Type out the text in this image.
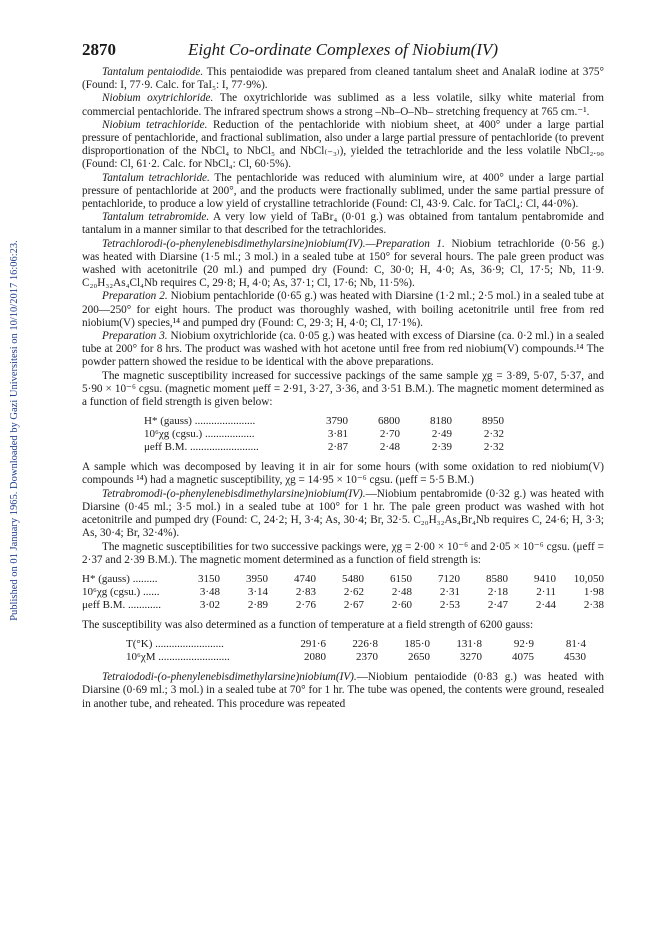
Published on 01 January 1965. Downloaded by Gazi Universitesi on 10/10/2017 16:06:23.
2870	Eight Co-ordinate Complexes of Niobium(IV)

Tantalum pentaiodide. This pentaiodide was prepared from cleaned tantalum sheet and AnalaR iodine at 375° (Found: I, 77·9. Calc. for TaI₅: I, 77·9%).

Niobium oxytrichloride. The oxytrichloride was sublimed as a less volatile, silky white material from commercial pentachloride. The infrared spectrum shows a strong –Nb–O–Nb– stretching frequency at 765 cm.⁻¹.

Niobium tetrachloride. Reduction of the pentachloride with niobium sheet, at 400° under a large partial pressure of pentachloride, and fractional sublimation, also under a large partial pressure of pentachloride (to prevent disproportionation of the NbCl₄ to NbCl₅ and NbCl₍₋₃₎), yielded the tetrachloride and the less volatile NbCl₂.₉₀ (Found: Cl, 61·2. Calc. for NbCl₄: Cl, 60·5%).

Tantalum tetrachloride. The pentachloride was reduced with aluminium wire, at 400° under a large partial pressure of pentachloride at 200°, and the products were fractionally sublimed, under the same partial pressure of pentachloride, to produce a low yield of crystalline tetrachloride (Found: Cl, 43·9. Calc. for TaCl₄: Cl, 44·0%).

Tantalum tetrabromide. A very low yield of TaBr₄ (0·01 g.) was obtained from tantalum pentabromide and tantalum in a manner similar to that described for the tetrachlorides.

Tetrachlorodi-(o-phenylenebisdimethylarsine)niobium(IV).—Preparation 1. Niobium tetrachloride (0·56 g.) was heated with Diarsine (1·5 ml.; 3 mol.) in a sealed tube at 150° for several hours. The pale green product was washed with acetonitrile (20 ml.) and pumped dry (Found: C, 30·0; H, 4·0; As, 36·9; Cl, 17·5; Nb, 11·9. C₂₀H₃₂As₄Cl₄Nb requires C, 29·8; H, 4·0; As, 37·1; Cl, 17·6; Nb, 11·5%).

Preparation 2. Niobium pentachloride (0·65 g.) was heated with Diarsine (1·2 ml.; 2·5 mol.) in a sealed tube at 200—250° for eight hours. The product was thoroughly washed, with boiling acetonitrile until free from red niobium(V) species,¹⁴ and pumped dry (Found: C, 29·3; H, 4·0; Cl, 17·1%).

Preparation 3. Niobium oxytrichloride (ca. 0·05 g.) was heated with excess of Diarsine (ca. 0·2 ml.) in a sealed tube at 200° for 8 hrs. The product was washed with hot acetone until free from red niobium(V) compounds.¹⁴ The powder pattern showed the residue to be identical with the above preparations.

The magnetic susceptibility increased for successive packings of the same sample χg = 3·89, 5·07, 5·37, and 5·90 × 10⁻⁶ cgsu. (magnetic moment μeff = 2·91, 3·27, 3·36, and 3·51 B.M.). The magnetic moment determined as a function of field strength is given below:

H* (gauss) ......................	3790	6800	8180	8950
10⁶χg (cgsu.) ..................	3·81	2·70	2·49	2·32
μeff B.M. .........................	2·87	2·48	2·39	2·32

A sample which was decomposed by leaving it in air for some hours (with some oxidation to red niobium(V) compounds ¹⁴) had a magnetic susceptibility, χg = 14·95 × 10⁻⁶ cgsu. (μeff = 5·5 B.M.)

Tetrabromodi-(o-phenylenebisdimethylarsine)niobium(IV).—Niobium pentabromide (0·32 g.) was heated with Diarsine (0·45 ml.; 3·5 mol.) in a sealed tube at 100° for 1 hr. The pale green product was washed with hot acetonitrile and pumped dry (Found: C, 24·2; H, 3·4; As, 30·4; Br, 32·5. C₂₀H₃₂As₄Br₄Nb requires C, 24·6; H, 3·3; As, 30·4; Br, 32·4%).

The magnetic susceptibilities for two successive packings were, χg = 2·00 × 10⁻⁶ and 2·05 × 10⁻⁶ cgsu. (μeff = 2·37 and 2·39 B.M.). The magnetic moment determined as a function of field strength is:

H* (gauss) .........	3150	3950	4740	5480	6150	7120	8580	9410	10,050
10⁶χg (cgsu.) ......	3·48	3·14	2·83	2·62	2·48	2·31	2·18	2·11	1·98
μeff B.M. ............	3·02	2·89	2·76	2·67	2·60	2·53	2·47	2·44	2·38

The susceptibility was also determined as a function of temperature at a field strength of 6200 gauss:

T(°K) .........................	291·6	226·8	185·0	131·8	92·9	81·4
10⁶χM ..........................	2080	2370	2650	3270	4075	4530

Tetraiododi-(o-phenylenebisdimethylarsine)niobium(IV).—Niobium pentaiodide (0·83 g.) was heated with Diarsine (0·69 ml.; 3 mol.) in a sealed tube at 70° for 1 hr. The tube was opened, the contents were ground, resealed in another tube, and reheated. This procedure was repeated
